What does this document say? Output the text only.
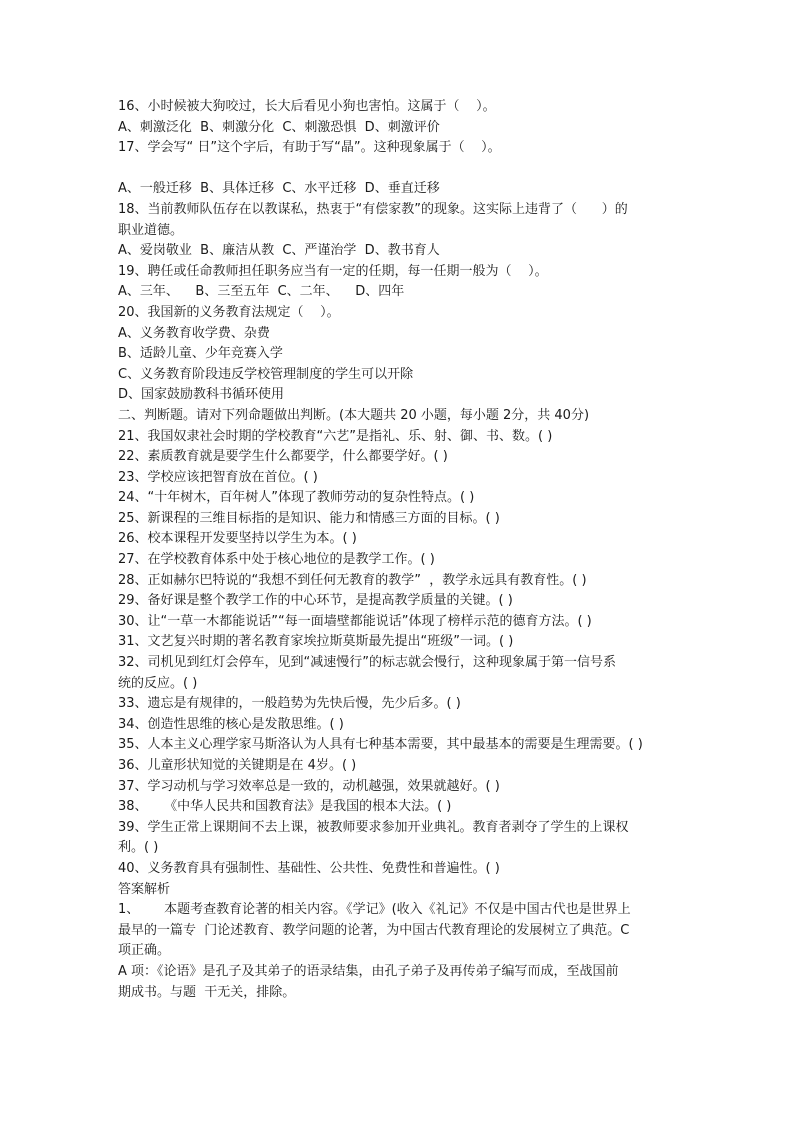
16、小时候被大狗咬过，长大后看见小狗也害怕。这属于（    ）。
A、刺激泛化  B、刺激分化  C、刺激恐惧  D、刺激评价
17、学会写“ 日”这个字后，有助于写“晶”。这种现象属于（    ）。
A、一般迁移  B、具体迁移  C、水平迁移  D、垂直迁移
18、当前教师队伍存在以教谋私，热衷于“有偿家教”的现象。这实际上违背了（      ）的
职业道德。
A、爱岗敬业  B、廉洁从教  C、严谨治学  D、教书育人
19、聘任或任命教师担任职务应当有一定的任期，每一任期一般为（    ）。
A、三年、    B、三至五年  C、二年、    D、四年
20、我国新的义务教育法规定（    ）。
A、义务教育收学费、杂费
B、适龄儿童、少年竞赛入学
C、义务教育阶段违反学校管理制度的学生可以开除
D、国家鼓励教科书循环使用
二、判断题。请对下列命题做出判断。(本大题共 20 小题，每小题 2分，共 40分)
21、我国奴隶社会时期的学校教育“六艺”是指礼、乐、射、御、书、数。( )
22、素质教育就是要学生什么都要学，什么都要学好。( )
23、学校应该把智育放在首位。( )
24、“十年树木，百年树人”体现了教师劳动的复杂性特点。( )
25、新课程的三维目标指的是知识、能力和情感三方面的目标。( )
26、校本课程开发要坚持以学生为本。( )
27、在学校教育体系中处于核心地位的是教学工作。( )
28、正如赫尔巴特说的“我想不到任何无教育的教学”  ，教学永远具有教育性。( )
29、备好课是整个教学工作的中心环节，是提高教学质量的关键。( )
30、让“一草一木都能说话”“每一面墙壁都能说话”体现了榜样示范的德育方法。( )
31、文艺复兴时期的著名教育家埃拉斯莫斯最先提出“班级”一词。( )
32、司机见到红灯会停车，见到“减速慢行”的标志就会慢行，这种现象属于第一信号系
统的反应。( )
33、遗忘是有规律的，一般趋势为先快后慢，先少后多。( )
34、创造性思维的核心是发散思维。( )
35、人本主义心理学家马斯洛认为人具有七种基本需要，其中最基本的需要是生理需要。( )
36、儿童形状知觉的关键期是在 4岁。( )
37、学习动机与学习效率总是一致的，动机越强，效果就越好。( )
38、    《中华人民共和国教育法》是我国的根本大法。( )
39、学生正常上课期间不去上课，被教师要求参加开业典礼。教育者剥夺了学生的上课权
利。( )
40、义务教育具有强制性、基础性、公共性、免费性和普遍性。( )
答案解析
1、      本题考查教育论著的相关内容。《学记》(收入《礼记》不仅是中国古代也是世界上
最早的一篇专  门论述教育、教学问题的论著，为中国古代教育理论的发展树立了典范。C
项正确。
A 项：《论语》是孔子及其弟子的语录结集，由孔子弟子及再传弟子编写而成，至战国前
期成书。与题  干无关，排除。
